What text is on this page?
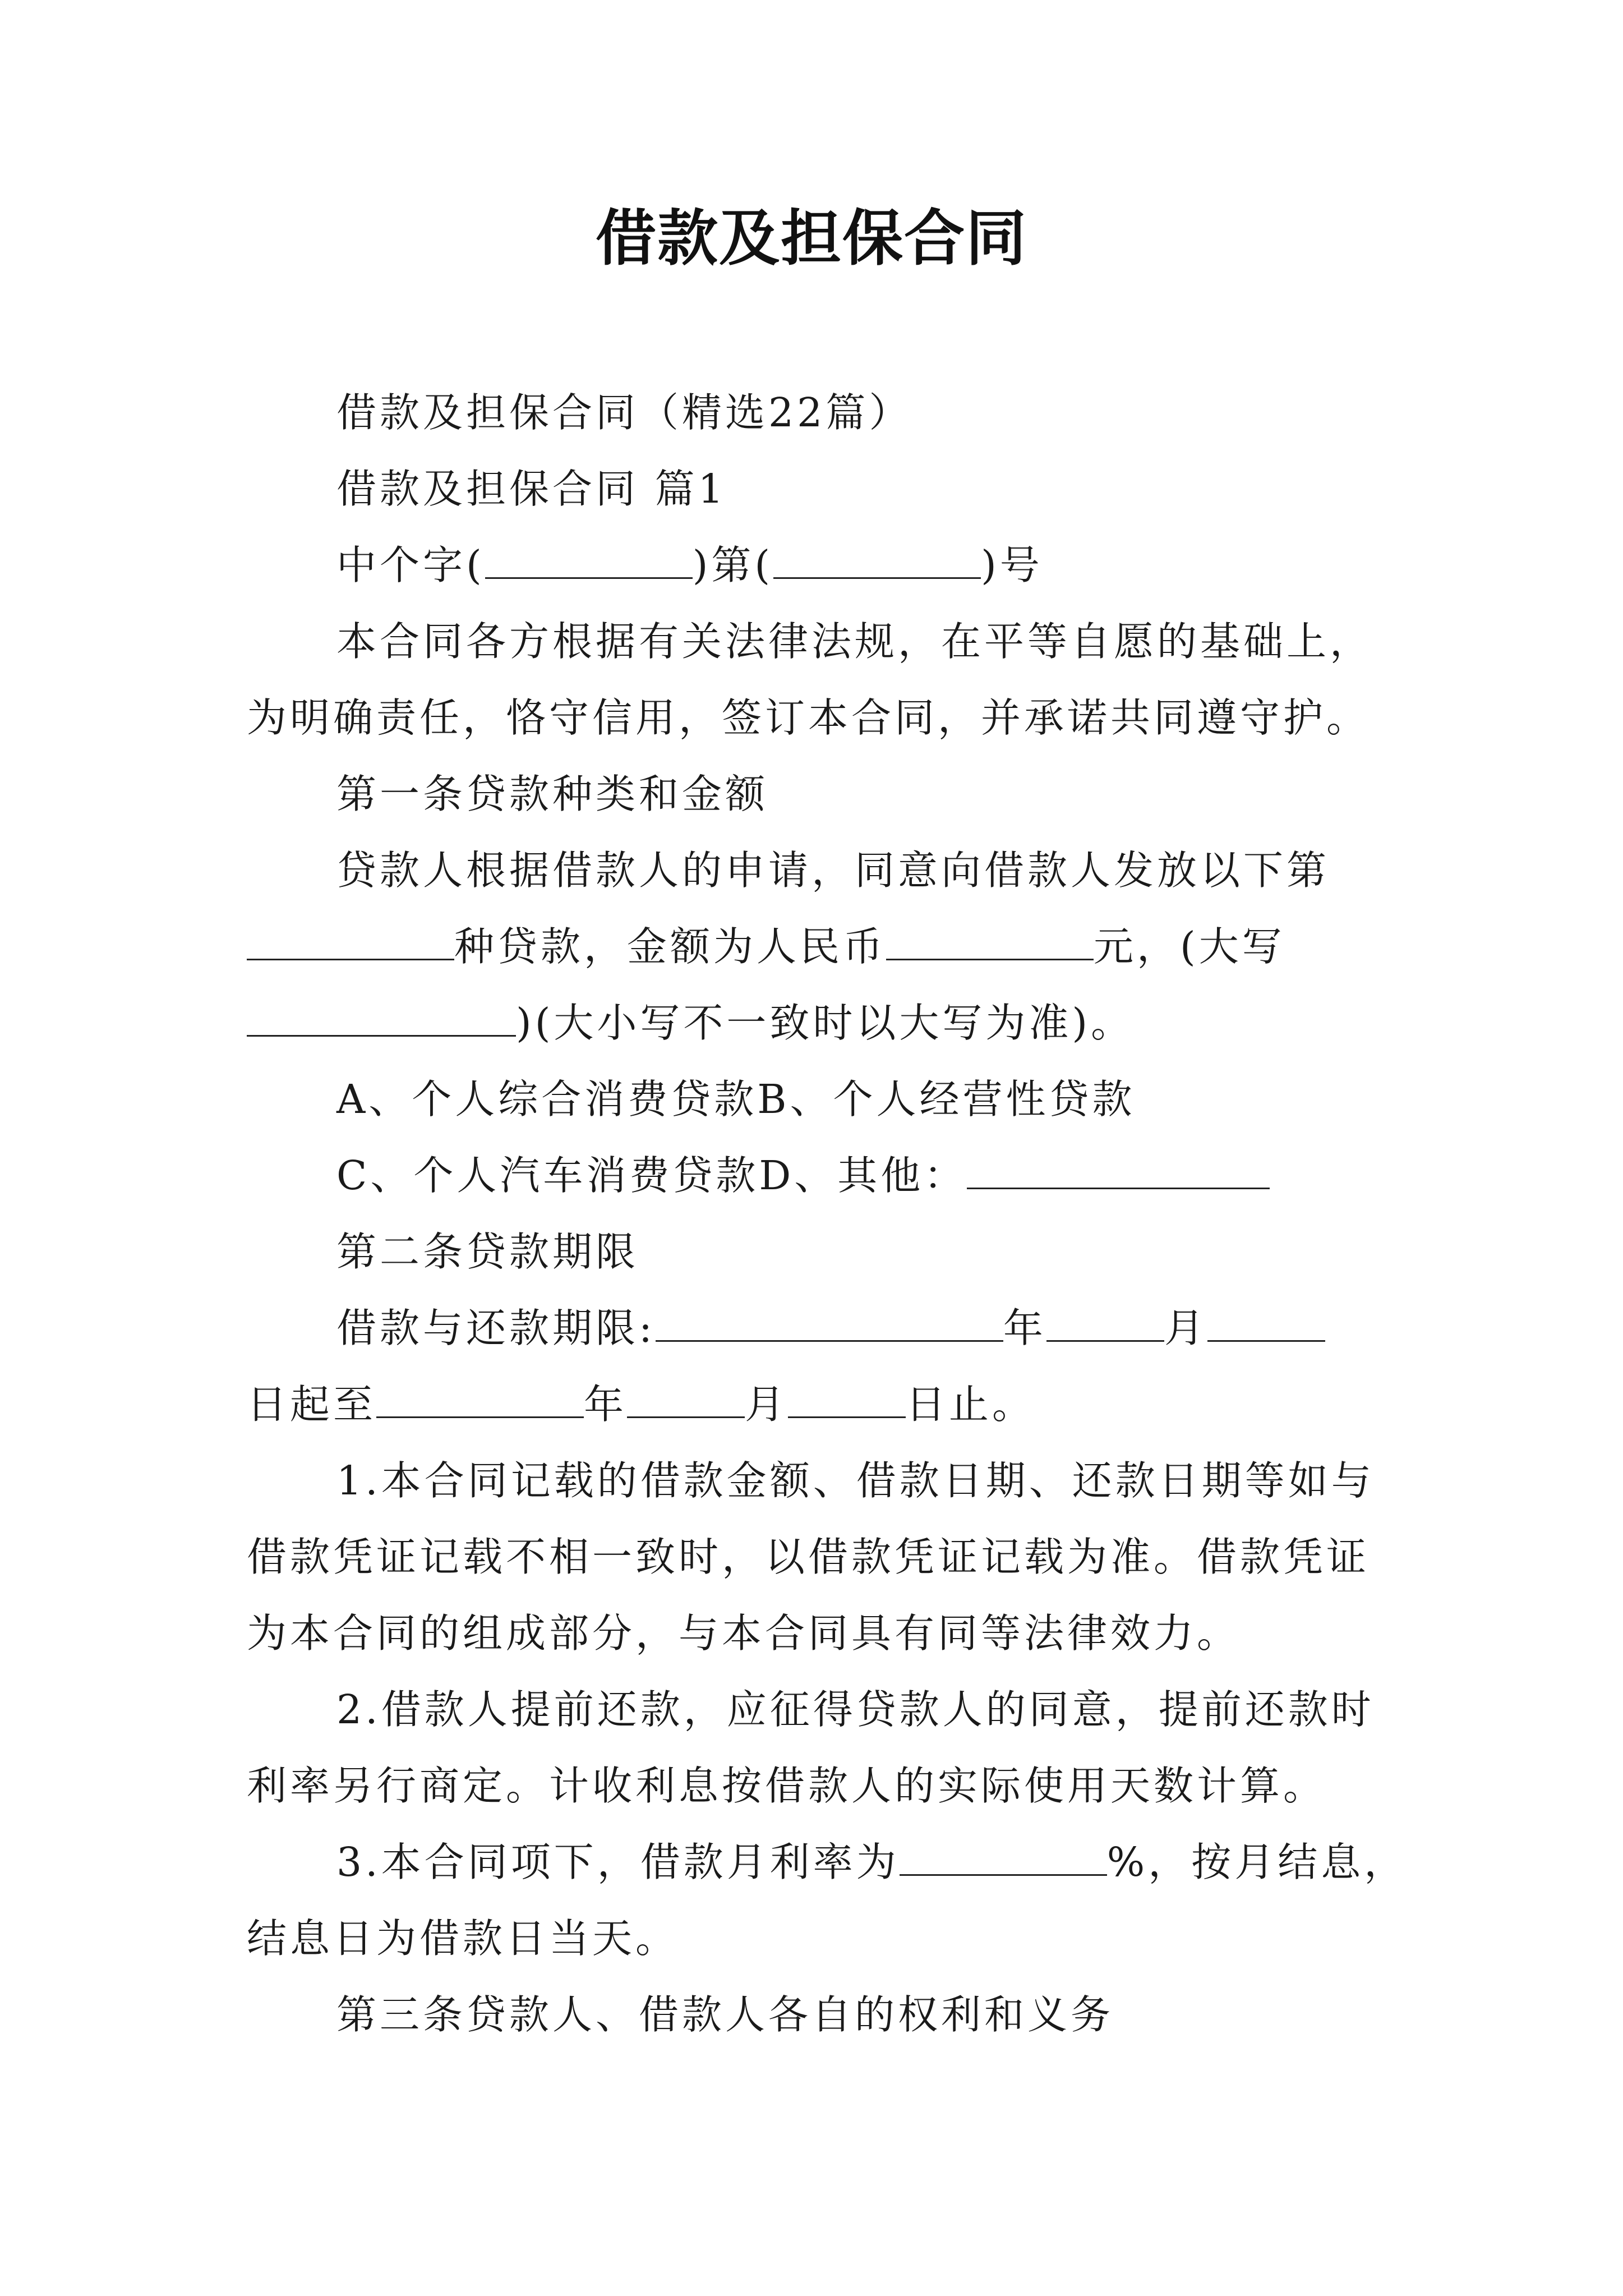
借款及担保合同

借款及担保合同（精选22篇）

借款及担保合同 篇1

中个字(	)第(	)号

本合同各方根据有关法律法规，在平等自愿的基础上，

为明确责任，恪守信用，签订本合同，并承诺共同遵守护。

第一条贷款种类和金额

贷款人根据借款人的申请，同意向借款人发放以下第

种贷款，金额为人民币	元，(大写

)(大小写不一致时以大写为准)。

A、个人综合消费贷款B、个人经营性贷款

C、个人汽车消费贷款D、其他：

第二条贷款期限

借款与还款期限:	年	月

日起至	年	月	日止。

1.本合同记载的借款金额、借款日期、还款日期等如与

借款凭证记载不相一致时，以借款凭证记载为准。借款凭证

为本合同的组成部分，与本合同具有同等法律效力。

2.借款人提前还款，应征得贷款人的同意，提前还款时

利率另行商定。计收利息按借款人的实际使用天数计算。

3.本合同项下，借款月利率为	%，按月结息，

结息日为借款日当天。

第三条贷款人、借款人各自的权利和义务
